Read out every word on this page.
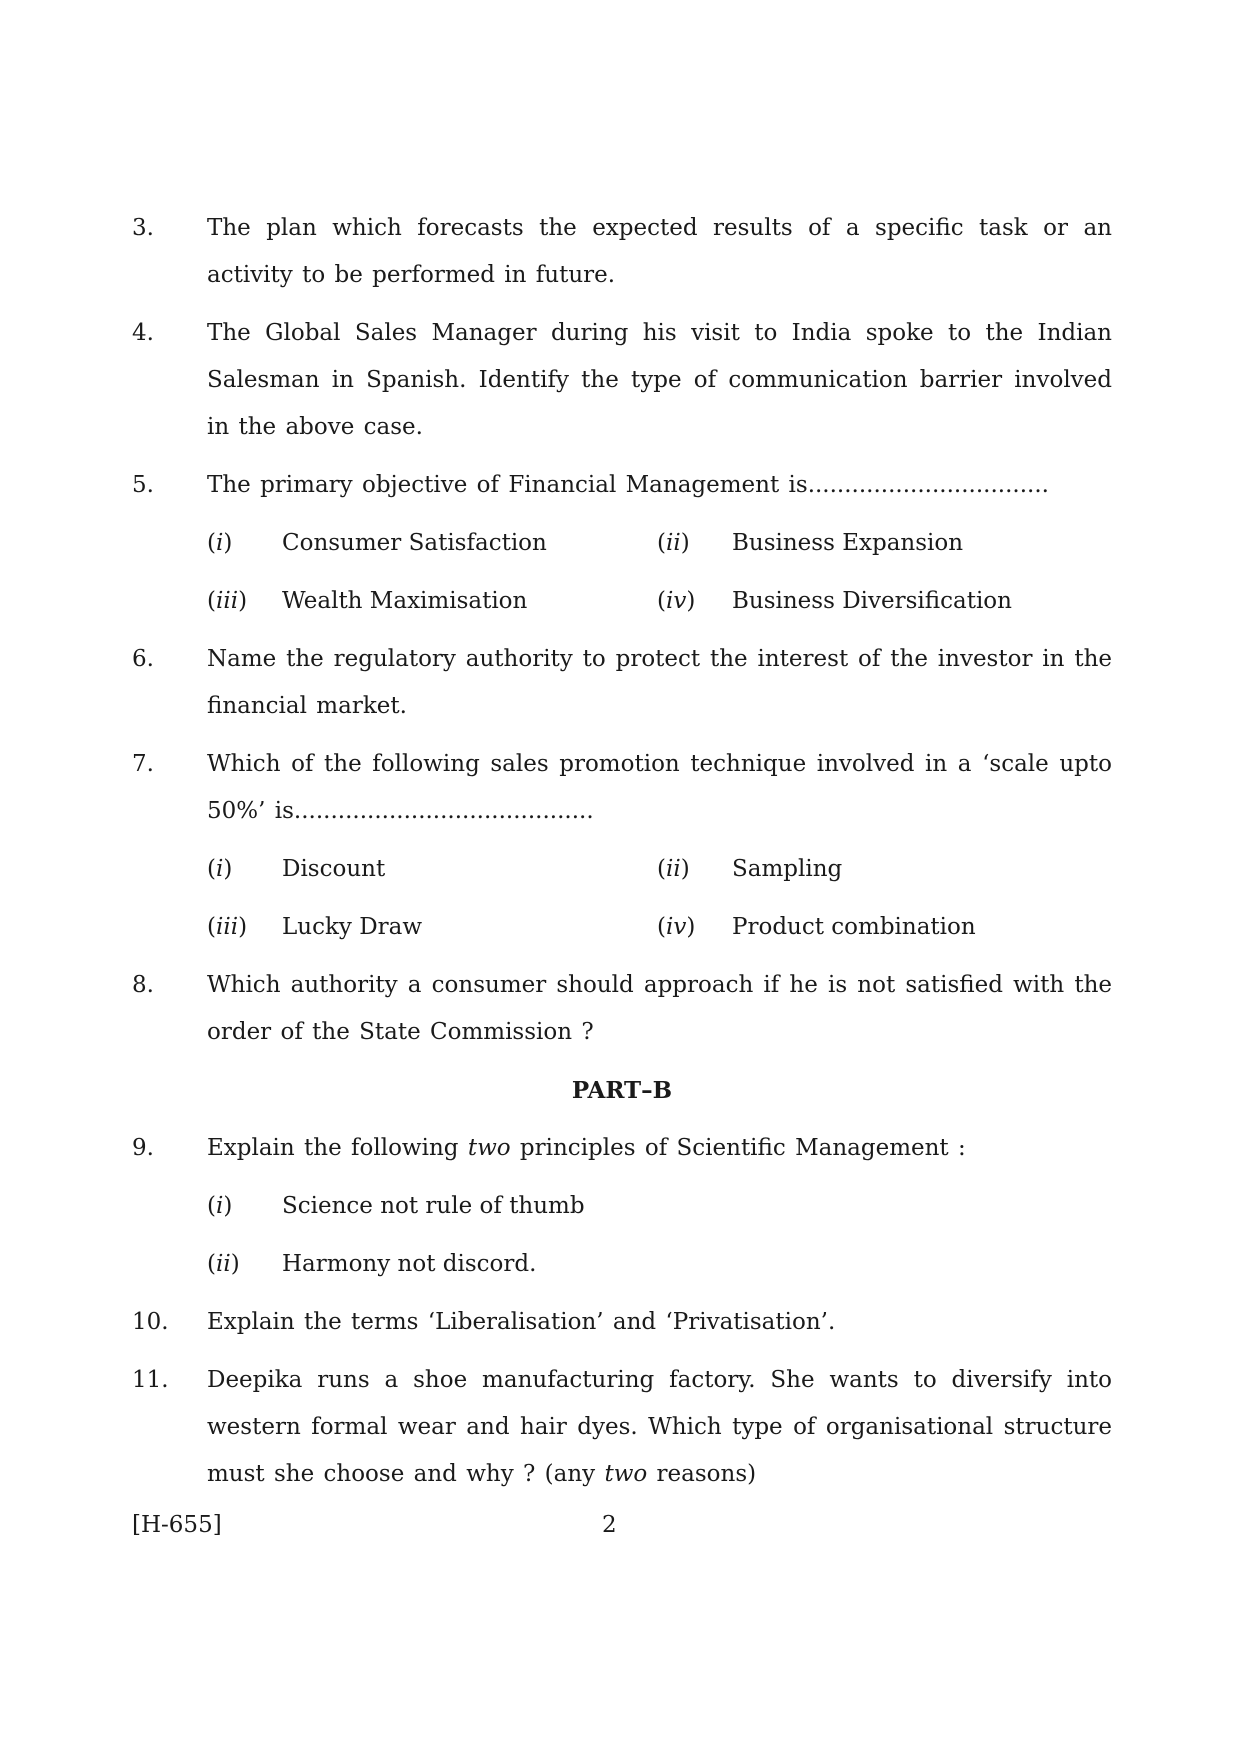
3.	The plan which forecasts the expected results of a specific task or an activity to be performed in future.
4.	The Global Sales Manager during his visit to India spoke to the Indian Salesman in Spanish. Identify the type of communication barrier involved in the above case.
5.	The primary objective of Financial Management is.................................
(i)	Consumer Satisfaction	(ii)	Business Expansion
(iii)	Wealth Maximisation	(iv)	Business Diversification
6.	Name the regulatory authority to protect the interest of the investor in the financial market.
7.	Which of the following sales promotion technique involved in a ‘scale upto 50%’ is.........................................
(i)	Discount	(ii)	Sampling
(iii)	Lucky Draw	(iv)	Product combination
8.	Which authority a consumer should approach if he is not satisfied with the order of the State Commission ?
PART–B
9.	Explain the following two principles of Scientific Management :
(i)	Science not rule of thumb
(ii)	Harmony not discord.
10.	Explain the terms ‘Liberalisation’ and ‘Privatisation’.
11.	Deepika runs a shoe manufacturing factory. She wants to diversify into western formal wear and hair dyes. Which type of organisational structure must she choose and why ? (any two reasons)
[H-655]	2
